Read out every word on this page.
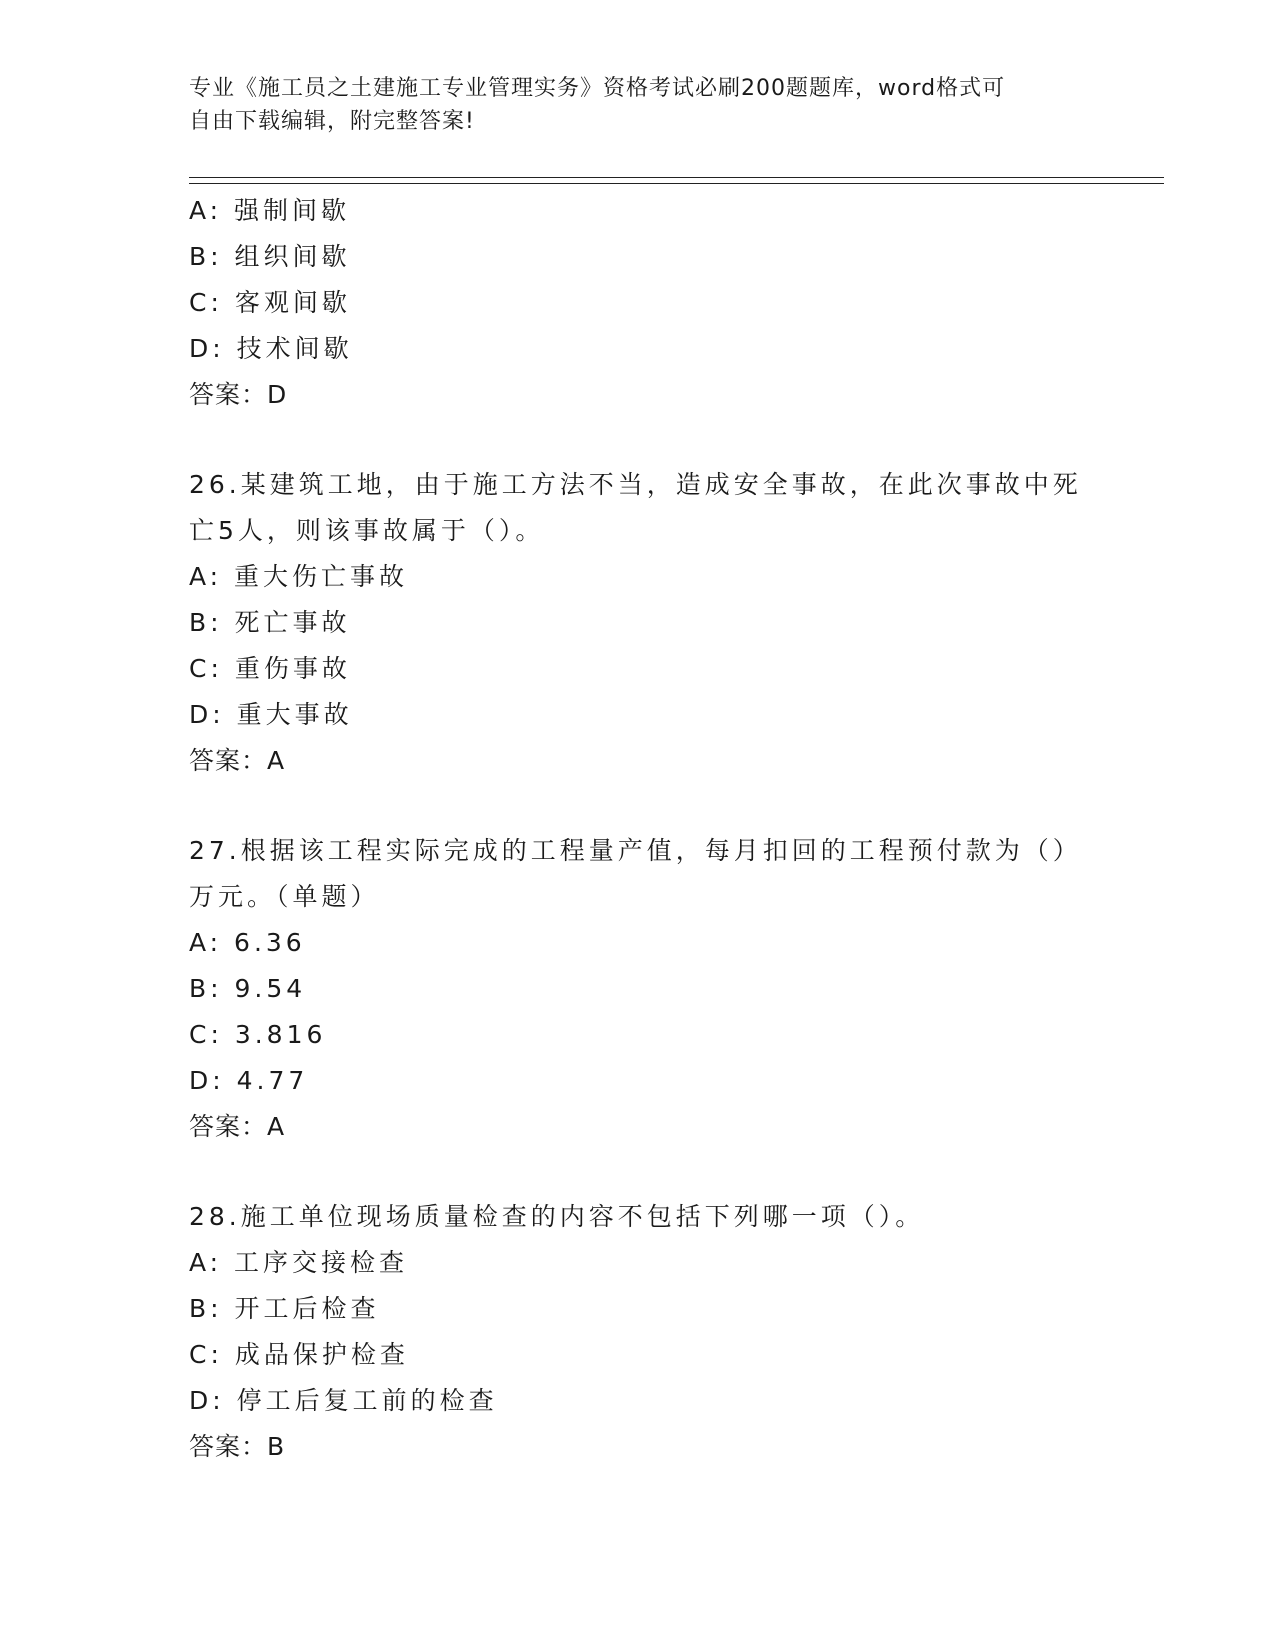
专业《施工员之土建施工专业管理实务》资格考试必刷200题题库，word格式可
自由下载编辑，附完整答案!
A: 强制间歇
B: 组织间歇
C: 客观间歇
D: 技术间歇
答案：D
26.某建筑工地，由于施工方法不当，造成安全事故，在此次事故中死
亡5人，则该事故属于（）。
A: 重大伤亡事故
B: 死亡事故
C: 重伤事故
D: 重大事故
答案：A
27.根据该工程实际完成的工程量产值，每月扣回的工程预付款为（）
万元。（单题）
A: 6.36
B: 9.54
C: 3.816
D: 4.77
答案：A
28.施工单位现场质量检查的内容不包括下列哪一项（）。
A: 工序交接检查
B: 开工后检查
C: 成品保护检查
D: 停工后复工前的检查
答案：B
